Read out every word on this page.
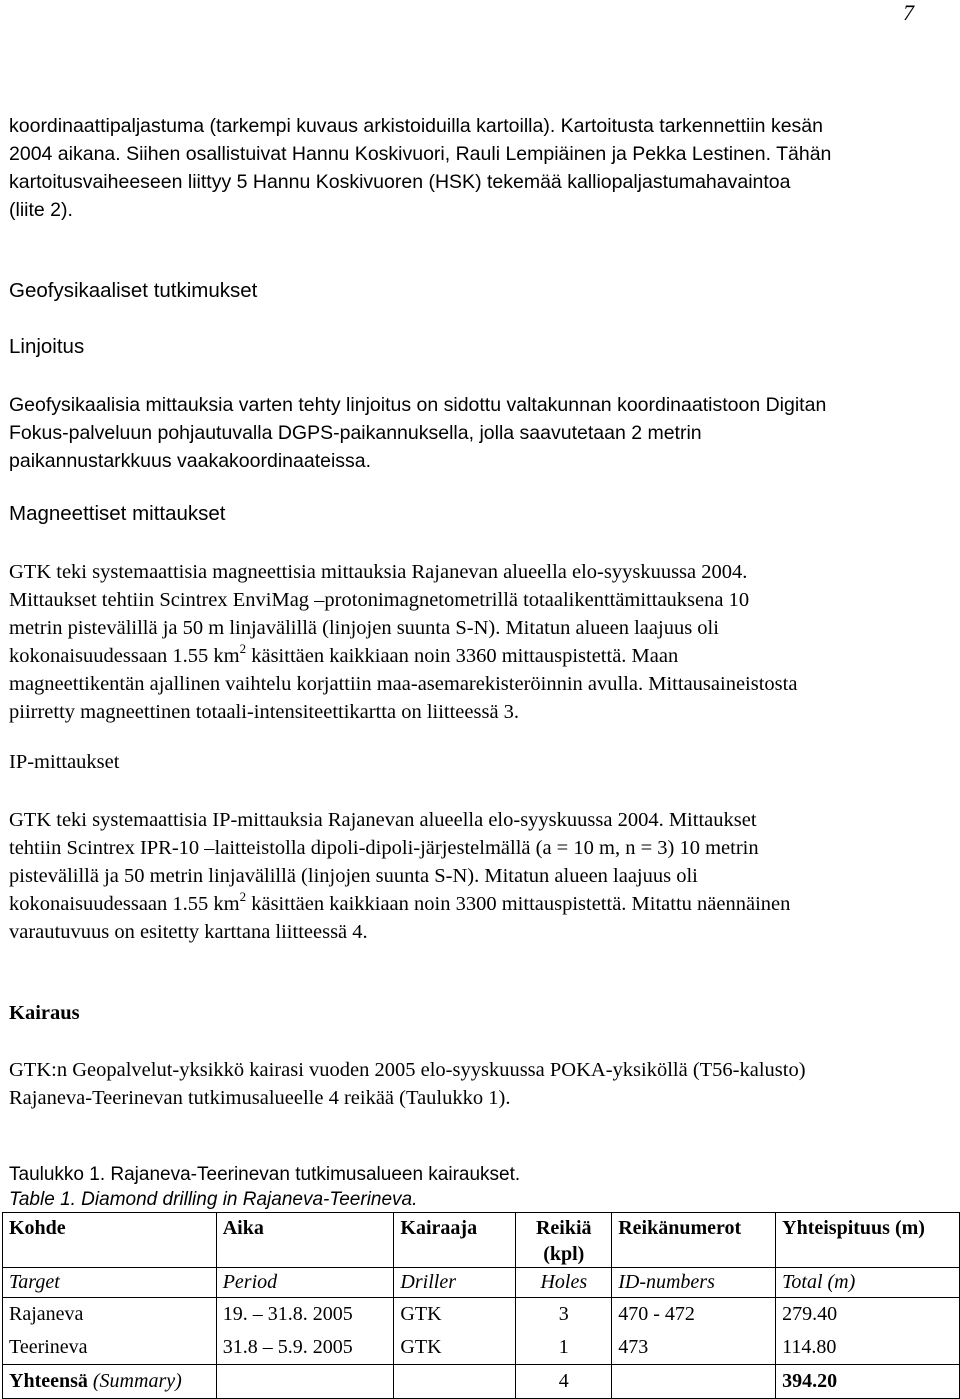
7
koordinaattipaljastuma (tarkempi kuvaus arkistoiduilla kartoilla). Kartoitusta tarkennettiin kesän
2004 aikana. Siihen osallistuivat Hannu Koskivuori, Rauli Lempiäinen ja Pekka Lestinen. Tähän
kartoitusvaiheeseen liittyy 5 Hannu Koskivuoren (HSK) tekemää kalliopaljastumahavaintoa
(liite 2).
Geofysikaaliset tutkimukset
Linjoitus
Geofysikaalisia mittauksia varten tehty linjoitus on sidottu valtakunnan koordinaatistoon Digitan
Fokus-palveluun pohjautuvalla DGPS-paikannuksella, jolla saavutetaan 2 metrin
paikannustarkkuus vaakakoordinaateissa.
Magneettiset mittaukset
GTK teki systemaattisia magneettisia mittauksia Rajanevan alueella elo-syyskuussa 2004.
Mittaukset tehtiin Scintrex EnviMag –protonimagnetometrillä totaalikenttämittauksena 10
metrin pistevälillä ja 50 m linjavälillä (linjojen suunta S-N). Mitatun alueen laajuus oli
kokonaisuudessaan 1.55 $km^2$ käsittäen kaikkiaan noin 3360 mittauspistettä. Maan
magneettikentän ajallinen vaihtelu korjattiin maa-asemarekisteröinnin avulla. Mittausaineistosta
piirretty magneettinen totaali-intensiteettikartta on liitteessä 3.
IP-mittaukset
GTK teki systemaattisia IP-mittauksia Rajanevan alueella elo-syyskuussa 2004. Mittaukset
tehtiin Scintrex IPR-10 –laitteistolla dipoli-dipoli-järjestelmällä (a = 10 m, n = 3) 10 metrin
pistevälillä ja 50 metrin linjavälillä (linjojen suunta S-N). Mitatun alueen laajuus oli
kokonaisuudessaan 1.55 $km^2$ käsittäen kaikkiaan noin 3300 mittauspistettä. Mitattu näennäinen
varautuvuus on esitetty karttana liitteessä 4.
Kairaus
GTK:n Geopalvelut-yksikkö kairasi vuoden 2005 elo-syyskuussa POKA-yksiköllä (T56-kalusto)
Rajaneva-Teerinevan tutkimusalueelle 4 reikää (Taulukko 1).
Taulukko 1. Rajaneva-Teerinevan tutkimusalueen kairaukset.
Table 1. Diamond drilling in Rajaneva-Teerineva.
Kohde	Aika	Kairaaja	Reikiä (kpl)	Reikänumerot	Yhteispituus (m)
Target	Period	Driller	Holes	ID-numbers	Total (m)
Rajaneva	19. – 31.8. 2005	GTK	3	470 - 472	279.40
Teerineva	31.8 – 5.9. 2005	GTK	1	473	114.80
Yhteensä (Summary)			4		394.20
